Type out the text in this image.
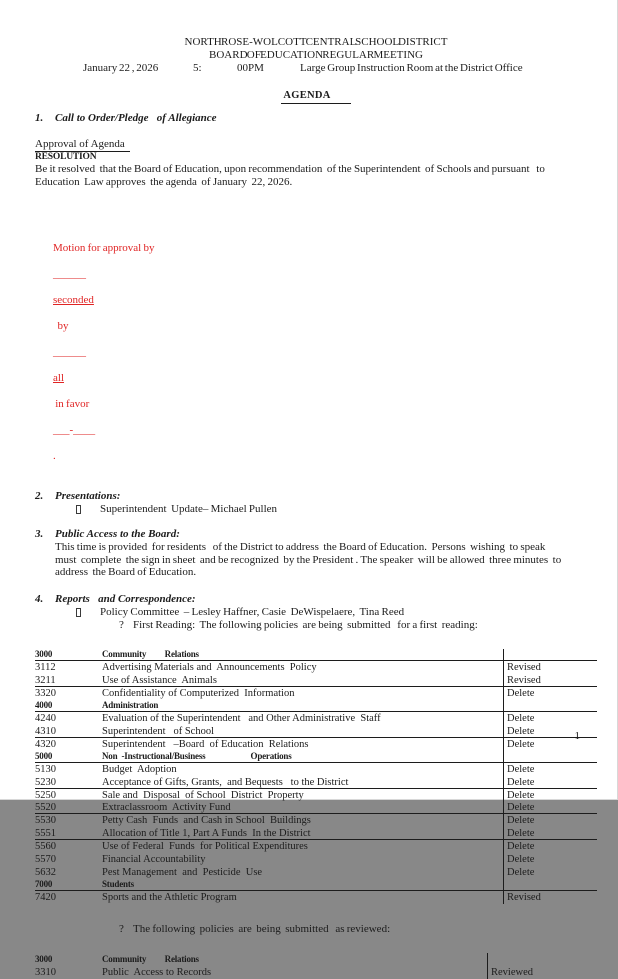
NORTH ROSE-WOLCOTT CENTRAL SCHOOL DISTRICT
BOARD OF EDUCATION REGULAR MEETING
January 22 , 2026	5:	00PM	Large Group Instruction Room at the District Office
AGENDA
1. Call to Order/Pledge   of Allegiance
Approval of Agenda
RESOLUTION
Be it resolved  that the Board of Education, upon recommendation  of the Superintendent  of Schools and pursuant   to Education  Law approves  the agenda  of January  22, 2026.

Motion for approval by

______

seconded

by

______

all

in favor

___-____

.

2. Presentations:
Superintendent  Update– Michael Pullen
3. Public Access to the Board:
This time is provided  for residents   of the District to address  the Board of Education.  Persons  wishing  to speak  must  complete  the sign in sheet  and be recognized  by the President . The speaker  will be allowed  three minutes  to address  the Board of Education.
4. Reports   and Correspondence:
Policy Committee  – Lesley Haffner, Casie  DeWispelaere,  Tina Reed
? First Reading:  The following policies  are being  submitted   for a first  reading:
3000	Community         Relations
3112	Advertising Materials and  Announcements  Policy	Revised
3211	Use of Assistance  Animals	Revised
3320	Confidentiality of Computerized  Information	Delete
4000	Administration
4240	Evaluation of the Superintendent   and Other Administrative  Staff	Delete
4310	Superintendent   of School	Delete
4320	Superintendent   –Board  of Education  Relations	Delete
5000	Non  -Instructional/Business                      Operations
5130	Budget  Adoption	Delete
5230	Acceptance of Gifts, Grants,  and Bequests   to the District	Delete
5250	Sale and  Disposal  of School  District  Property	Delete
5520	Extraclassroom  Activity Fund	Delete
5530	Petty Cash  Funds  and Cash in School  Buildings	Delete
5551	Allocation of Title 1, Part A Funds  In the District	Delete
5560	Use of Federal  Funds  for Political Expenditures	Delete
5570	Financial Accountability	Delete
5632	Pest Management  and  Pesticide  Use	Delete
7000	Students
7420	Sports and the Athletic Program	Revised
? The following  policies  are  being  submitted   as reviewed:
3000	Community         Relations
3310	Public  Access to Records	Reviewed
1
